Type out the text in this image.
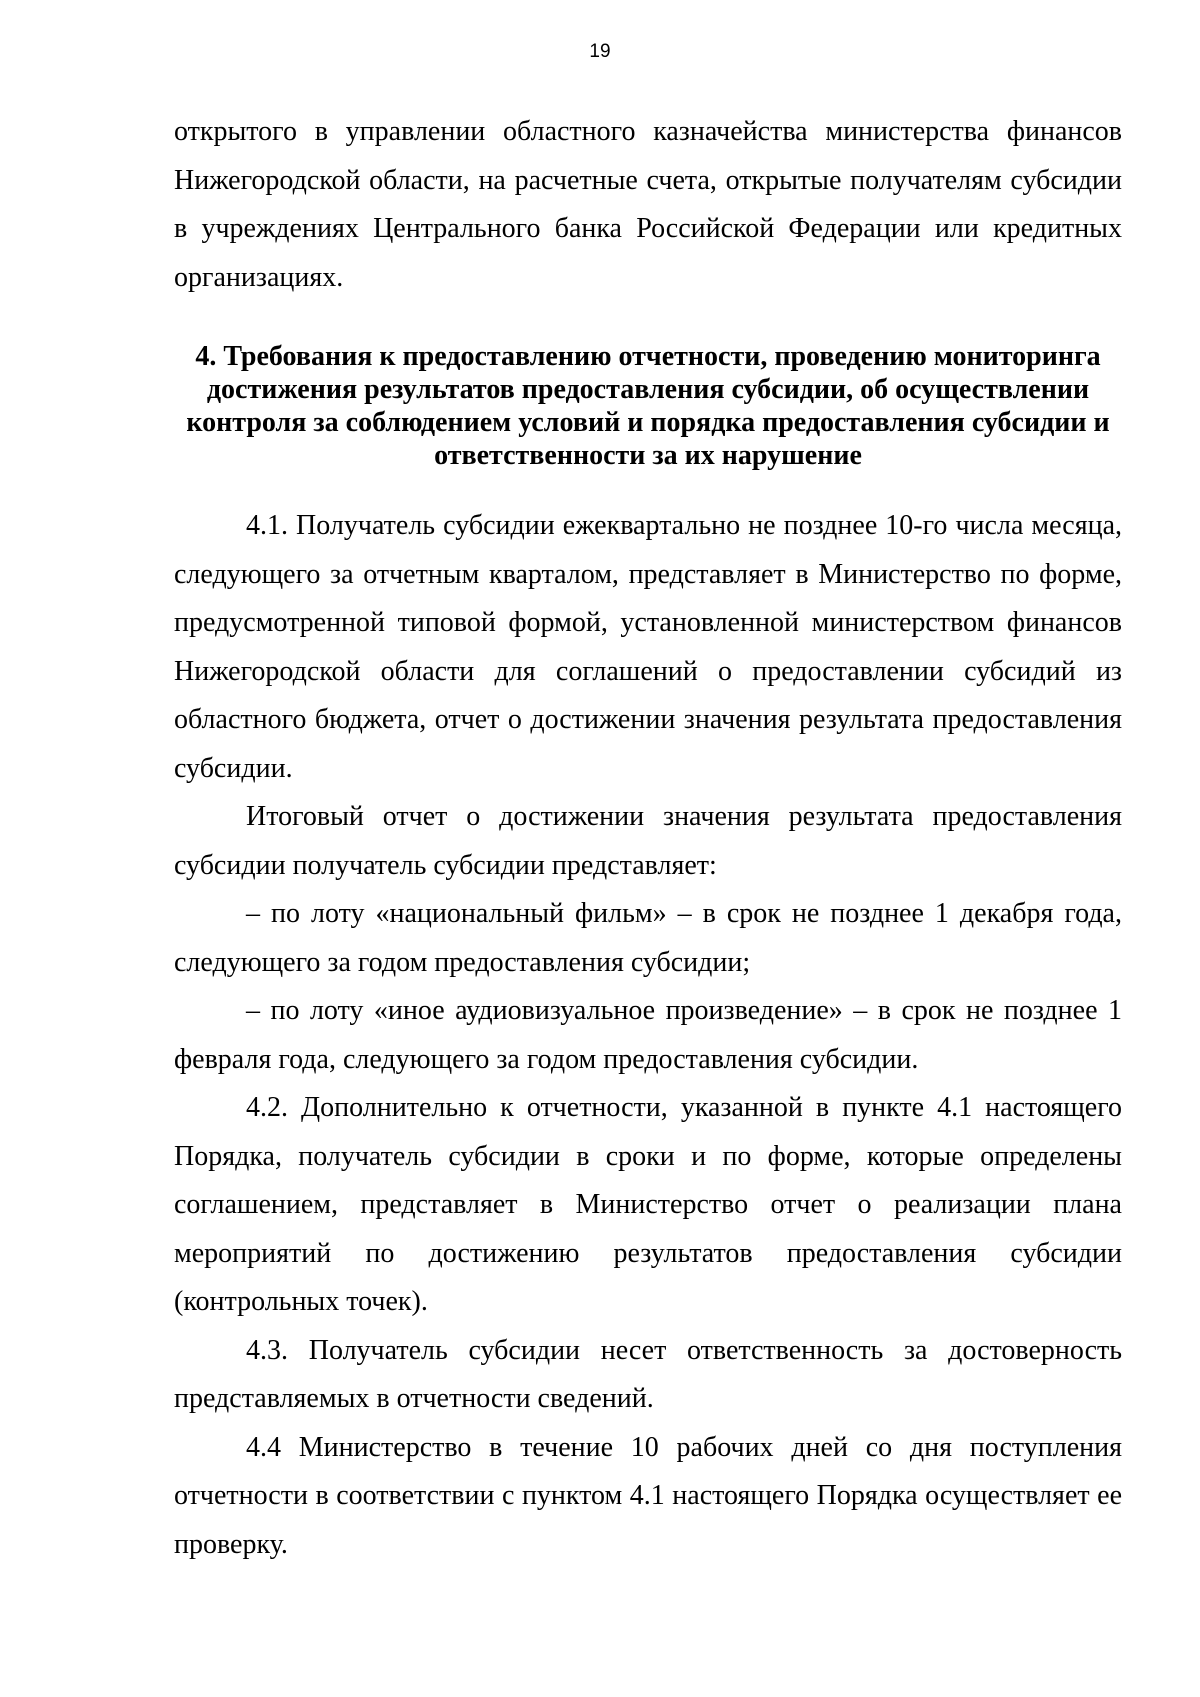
19

открытого в управлении областного казначейства министерства финансов Нижегородской области, на расчетные счета, открытые получателям субсидии в учреждениях Центрального банка Российской Федерации или кредитных организациях.

4. Требования к предоставлению отчетности, проведению мониторинга
достижения результатов предоставления субсидии, об осуществлении
контроля за соблюдением условий и порядка предоставления субсидии и
ответственности за их нарушение

4.1. Получатель субсидии ежеквартально не позднее 10-го числа месяца, следующего за отчетным кварталом, представляет в Министерство по форме, предусмотренной типовой формой, установленной министерством финансов Нижегородской области для соглашений о предоставлении субсидий из областного бюджета, отчет о достижении значения результата предоставления субсидии.

Итоговый отчет о достижении значения результата предоставления субсидии получатель субсидии представляет:

– по лоту «национальный фильм» – в срок не позднее 1 декабря года, следующего за годом предоставления субсидии;

– по лоту «иное аудиовизуальное произведение» – в срок не позднее 1 февраля года, следующего за годом предоставления субсидии.

4.2. Дополнительно к отчетности, указанной в пункте 4.1 настоящего Порядка, получатель субсидии в сроки и по форме, которые определены соглашением, представляет в Министерство отчет о реализации плана мероприятий по достижению результатов предоставления субсидии (контрольных точек).

4.3. Получатель субсидии несет ответственность за достоверность представляемых в отчетности сведений.

4.4 Министерство в течение 10 рабочих дней со дня поступления отчетности в соответствии с пунктом 4.1 настоящего Порядка осуществляет ее проверку.
